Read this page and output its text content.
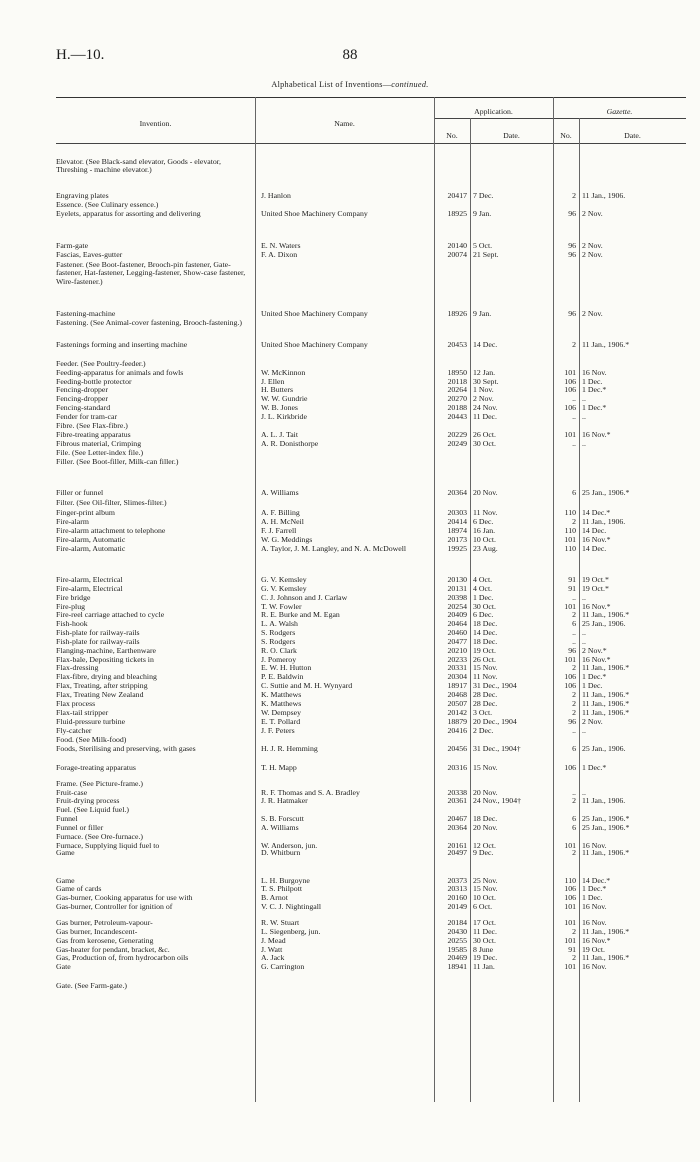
H.—10.	88
Alphabetical List of Inventions—continued.
Invention.	Name.
Application.	Gazette.
No.	Date.	No.	Date.
Elevator. (See Black-sand elevator, Goods - elevator, Threshing - machine elevator.)
Engraving plates	J. Hanlon	20417 7 Dec.	2 11 Jan., 1906.
Essence. (See Culinary essence.)
Eyelets, apparatus for assorting and delivering	United Shoe Machinery Company	18925 9 Jan.	96 2 Nov.
Farm-gate	E. N. Waters	20140 5 Oct.	96 2 Nov.
Fascias, Eaves-gutter	F. A. Dixon	20074 21 Sept.	96 2 Nov.
Fastener. (See Boot-fastener, Brooch-pin fastener, Gate-fastener, Hat-fastener, Legging-fastener, Show-case fastener, Wire-fastener.)
Fastening-machine	United Shoe Machinery Company	18926 9 Jan.	96 2 Nov.
Fastening. (See Animal-cover fastening, Brooch-fastening.)
Fastenings forming and inserting machine	United Shoe Machinery Company	20453 14 Dec.	2 11 Jan., 1906.*
Feeder. (See Poultry-feeder.)
Feeding-apparatus for animals and fowls	W. McKinnon	18950 12 Jan.	101 16 Nov.
Feeding-bottle protector	J. Ellen	20118 30 Sept.	106 1 Dec.
Fencing-dropper	H. Butters	20264 1 Nov.	106 1 Dec.*
Fencing-dropper	W. W. Gundrie	20270 2 Nov.	.. ..
Fencing-standard	W. B. Jones	20188 24 Nov.	106 1 Dec.*
Fender for tram-car	J. L. Kirkbride	20443 11 Dec.	.. ..
Fibre. (See Flax-fibre.)
Fibre-treating apparatus	A. L. J. Tait	20229 26 Oct.	101 16 Nov.*
Fibrous material, Crimping	A. R. Donisthorpe	20249 30 Oct.	.. ..
File. (See Letter-index file.)
Filler. (See Boot-filler, Milk-can filler.)
Filler or funnel	A. Williams	20364 20 Nov.	6 25 Jan., 1906.*
Filter. (See Oil-filter, Slimes-filter.)
Finger-print album	A. F. Billing	20303 11 Nov.	110 14 Dec.*
Fire-alarm	A. H. McNeil	20414 6 Dec.	2 11 Jan., 1906.
Fire-alarm attachment to telephone	F. J. Farrell	18974 16 Jan.	110 14 Dec.
Fire-alarm, Automatic	W. G. Meddings	20173 10 Oct.	101 16 Nov.*
Fire-alarm, Automatic	A. Taylor, J. M. Langley, and N. A. McDowell	19925 23 Aug.	110 14 Dec.
Fire-alarm, Electrical	G. V. Kemsley	20130 4 Oct.	91 19 Oct.*
Fire-alarm, Electrical	G. V. Kemsley	20131 4 Oct.	91 19 Oct.*
Fire bridge	C. J. Johnson and J. Carlaw	20398 1 Dec.	.. ..
Fire-plug	T. W. Fowler	20254 30 Oct.	101 16 Nov.*
Fire-reel carriage attached to cycle	R. E. Burke and M. Egan	20409 6 Dec.	2 11 Jan., 1906.*
Fish-hook	L. A. Walsh	20464 18 Dec.	6 25 Jan., 1906.
Fish-plate for railway-rails	S. Rodgers	20460 14 Dec.	.. ..
Fish-plate for railway-rails	S. Rodgers	20477 18 Dec.	.. ..
Flanging-machine, Earthenware	R. O. Clark	20210 19 Oct.	96 2 Nov.*
Flax-bale, Depositing tickets in	J. Pomeroy	20233 26 Oct.	101 16 Nov.*
Flax-dressing	E. W. H. Hutton	20331 15 Nov.	2 11 Jan., 1906.*
Flax-fibre, drying and bleaching	P. E. Baldwin	20304 11 Nov.	106 1 Dec.*
Flax, Treating, after stripping	C. Suttie and M. H. Wynyard	18917 31 Dec., 1904	106 1 Dec.
Flax, Treating New Zealand	K. Matthews	20468 28 Dec.	2 11 Jan., 1906.*
Flax process	K. Matthews	20507 28 Dec.	2 11 Jan., 1906.*
Flax-tail stripper	W. Dempsey	20142 3 Oct.	2 11 Jan., 1906.*
Fluid-pressure turbine	E. T. Pollard	18879 20 Dec., 1904	96 2 Nov.
Fly-catcher	J. F. Peters	20416 2 Dec.	.. ..
Food. (See Milk-food)
Foods, Sterilising and preserving, with gases	H. J. R. Hemming	20456 31 Dec., 1904†	6 25 Jan., 1906.
Forage-treating apparatus	T. H. Mapp	20316 15 Nov.	106 1 Dec.*
Frame. (See Picture-frame.)
Fruit-case	R. F. Thomas and S. A. Bradley	20338 20 Nov.	.. ..
Fruit-drying process	J. R. Hatmaker	20361 24 Nov., 1904†	2 11 Jan., 1906.
Fuel. (See Liquid fuel.)
Funnel	S. B. Forscutt	20467 18 Dec.	6 25 Jan., 1906.*
Funnel or filler	A. Williams	20364 20 Nov.	6 25 Jan., 1906.*
Furnace. (See Ore-furnace.)
Furnace, Supplying liquid fuel to	W. Anderson, jun.	20161 12 Oct.	101 16 Nov.
Game	D. Whitburn	20497 9 Dec.	2 11 Jan., 1906.*
Game	L. H. Burgoyne	20373 25 Nov.	110 14 Dec.*
Game of cards	T. S. Philpott	20313 15 Nov.	106 1 Dec.*
Gas-burner, Cooking apparatus for use with	B. Arnot	20160 10 Oct.	106 1 Dec.
Gas-burner, Controller for ignition of	V. C. J. Nightingall	20149 6 Oct.	101 16 Nov.
Gas burner, Petroleum-vapour-	R. W. Stuart	20184 17 Oct.	101 16 Nov.
Gas burner, Incandescent-	L. Siegenberg, jun.	20430 11 Dec.	2 11 Jan., 1906.*
Gas from kerosene, Generating	J. Mead	20255 30 Oct.	101 16 Nov.*
Gas-heater for pendant, bracket, &c.	J. Watt	19585 8 June	91 19 Oct.
Gas, Production of, from hydrocarbon oils	A. Jack	20469 19 Dec.	2 11 Jan., 1906.*
Gate	G. Carrington	18941 11 Jan.	101 16 Nov.
Gate. (See Farm-gate.)
